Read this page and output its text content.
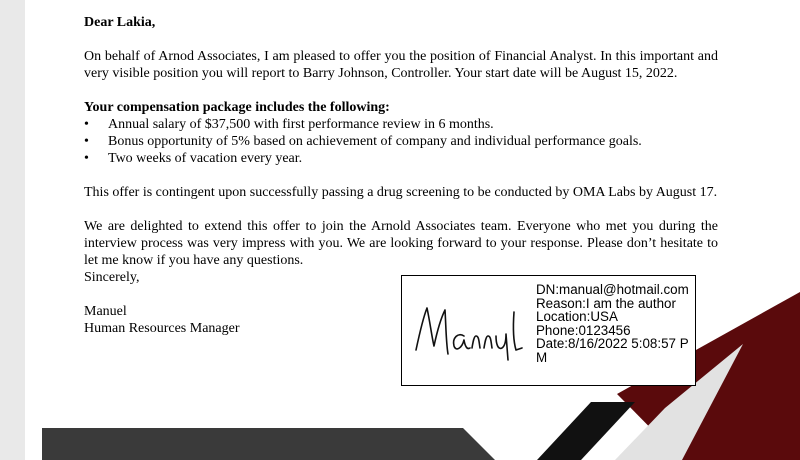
Dear Lakia,

On behalf of Arnod Associates, I am pleased to offer you the position of Financial Analyst. In this important and very visible position you will report to Barry Johnson, Controller. Your start date will be August 15, 2022.

Your compensation package includes the following:

• Annual salary of $37,500 with first performance review in 6 months.
• Bonus opportunity of 5% based on achievement of company and individual performance goals.
• Two weeks of vacation every year.

This offer is contingent upon successfully passing a drug screening to be conducted by OMA Labs by August 17.

We are delighted to extend this offer to join the Arnold Associates team. Everyone who met you during the interview process was very impress with you. We are looking forward to your response. Please don’t hesitate to let me know if you have any questions.

Sincerely,

Manuel

Human Resources Manager

DN:manual@hotmail.com
Reason:I am the author
Location:USA
Phone:0123456
Date:8/16/2022 5:08:57 PM
